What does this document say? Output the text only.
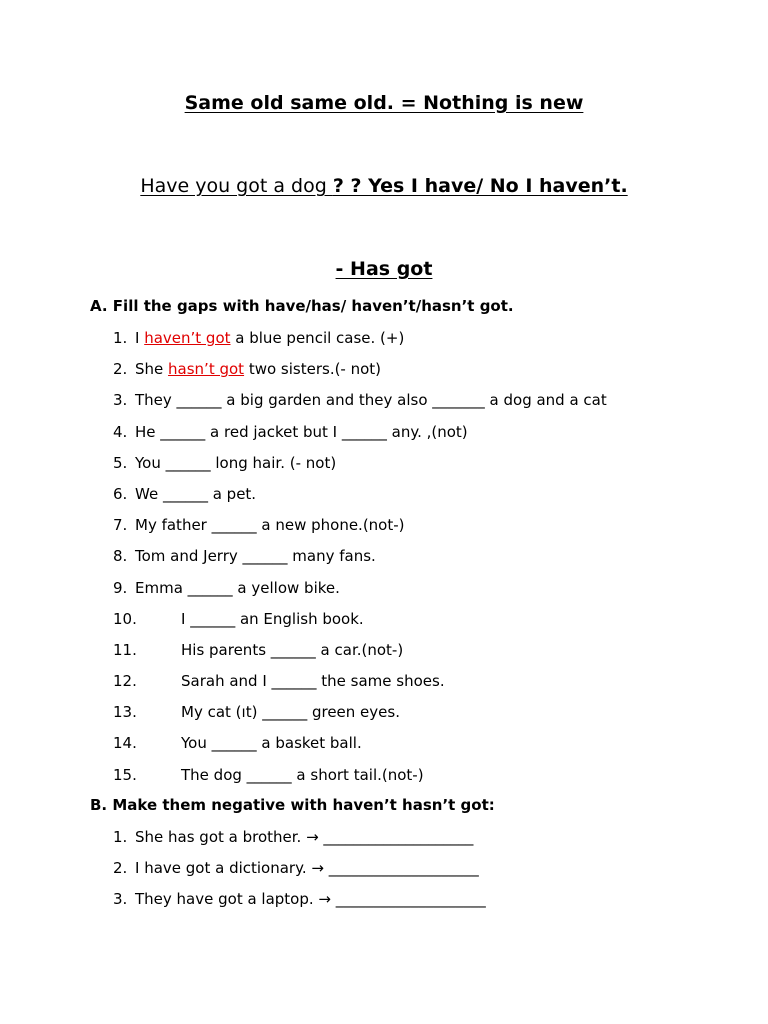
Same old same old. = Nothing is new
Have you got a dog ? ? Yes I have/ No I haven’t.
- Has got

A. Fill the gaps with have/has/ haven’t/hasn’t got.

1. I haven’t got a blue pencil case. (+)
2. She hasn’t got two sisters.(- not)
3. They ______ a big garden and they also _______ a dog and a cat
4. He ______ a red jacket but I ______ any. ,(not)
5. You ______ long hair. (- not)
6. We ______ a pet.
7. My father ______ a new phone.(not-)
8. Tom and Jerry ______ many fans.
9. Emma ______ a yellow bike.
10.	I ______ an English book.
11.	His parents ______ a car.(not-)
12.	Sarah and I ______ the same shoes.
13.	My cat (ıt) ______ green eyes.
14.	You ______ a basket ball.
15.	The dog ______ a short tail.(not-)

B. Make them negative with haven’t hasn’t got:

1. She has got a brother. → ____________________
2. I have got a dictionary. → ____________________
3. They have got a laptop. → ____________________
